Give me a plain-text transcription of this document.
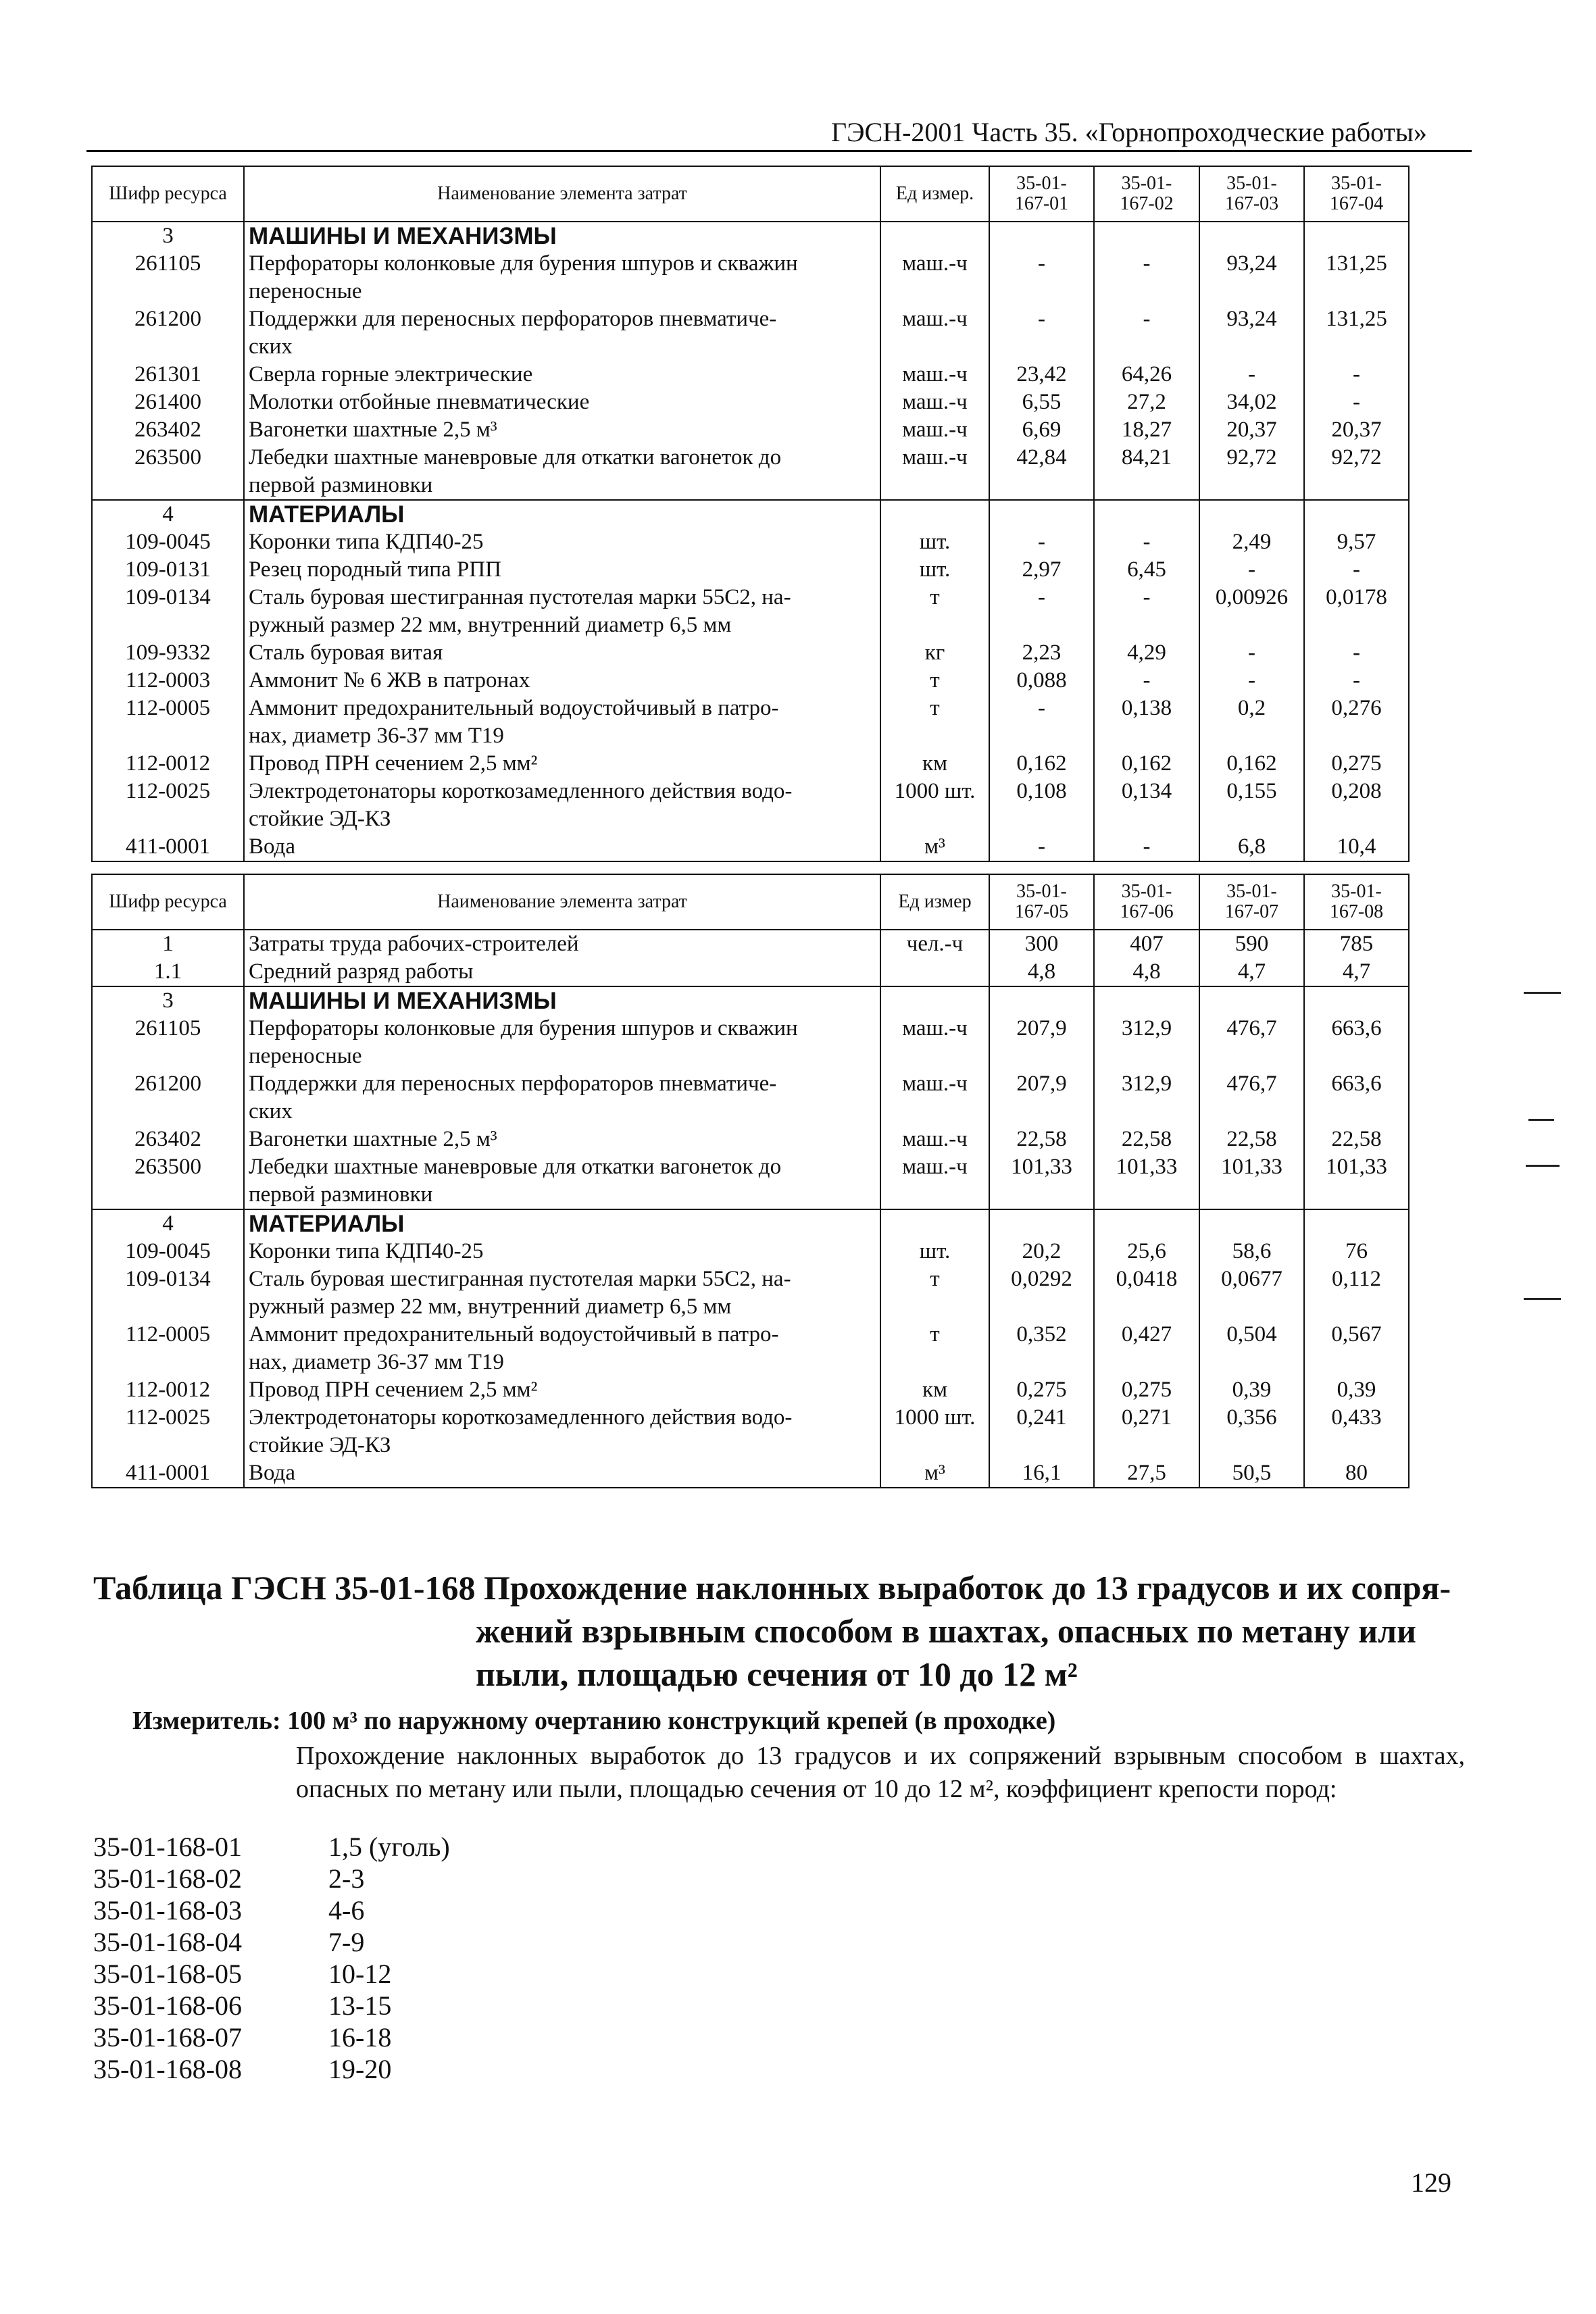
ГЭСН-2001 Часть 35. «Горнопроходческие работы»
Шифр ресурса	Наименование элемента затрат	Ед измер.	35-01-
167-01	35-01-
167-02	35-01-
167-03	35-01-
167-04
3	МАШИНЫ И МЕХАНИЗМЫ					
261105	Перфораторы колонковые для бурения шпуров и скважин
переносные	маш.-ч	-	-	93,24	131,25
261200	Поддержки для переносных перфораторов пневматиче-
ских	маш.-ч	-	-	93,24	131,25
261301	Сверла горные электрические	маш.-ч	23,42	64,26	-	-
261400	Молотки отбойные пневматические	маш.-ч	6,55	27,2	34,02	-
263402	Вагонетки шахтные 2,5 м³	маш.-ч	6,69	18,27	20,37	20,37
263500	Лебедки шахтные маневровые для откатки вагонеток до
первой разминовки	маш.-ч	42,84	84,21	92,72	92,72
4	МАТЕРИАЛЫ					
109-0045	Коронки типа КДП40-25	шт.	-	-	2,49	9,57
109-0131	Резец породный типа РПП	шт.	2,97	6,45	-	-
109-0134	Сталь буровая шестигранная пустотелая марки 55С2, на-
ружный размер 22 мм, внутренний диаметр 6,5 мм	т	-	-	0,00926	0,0178
109-9332	Сталь буровая витая	кг	2,23	4,29	-	-
112-0003	Аммонит № 6 ЖВ в патронах	т	0,088	-	-	-
112-0005	Аммонит предохранительный водоустойчивый в патро-
нах, диаметр 36-37 мм Т19	т	-	0,138	0,2	0,276
112-0012	Провод ПРН сечением 2,5 мм²	км	0,162	0,162	0,162	0,275
112-0025	Электродетонаторы короткозамедленного действия водо-
стойкие ЭД-КЗ	1000 шт.	0,108	0,134	0,155	0,208
411-0001	Вода	м³	-	-	6,8	10,4
Шифр ресурса	Наименование элемента затрат	Ед измер	35-01-
167-05	35-01-
167-06	35-01-
167-07	35-01-
167-08
1	Затраты труда рабочих-строителей	чел.-ч	300	407	590	785
1.1	Средний разряд работы		4,8	4,8	4,7	4,7
3	МАШИНЫ И МЕХАНИЗМЫ					
261105	Перфораторы колонковые для бурения шпуров и скважин
переносные	маш.-ч	207,9	312,9	476,7	663,6
261200	Поддержки для переносных перфораторов пневматиче-
ских	маш.-ч	207,9	312,9	476,7	663,6
263402	Вагонетки шахтные 2,5 м³	маш.-ч	22,58	22,58	22,58	22,58
263500	Лебедки шахтные маневровые для откатки вагонеток до
первой разминовки	маш.-ч	101,33	101,33	101,33	101,33
4	МАТЕРИАЛЫ					
109-0045	Коронки типа КДП40-25	шт.	20,2	25,6	58,6	76
109-0134	Сталь буровая шестигранная пустотелая марки 55С2, на-
ружный размер 22 мм, внутренний диаметр 6,5 мм	т	0,0292	0,0418	0,0677	0,112
112-0005	Аммонит предохранительный водоустойчивый в патро-
нах, диаметр 36-37 мм Т19	т	0,352	0,427	0,504	0,567
112-0012	Провод ПРН сечением 2,5 мм²	км	0,275	0,275	0,39	0,39
112-0025	Электродетонаторы короткозамедленного действия водо-
стойкие ЭД-КЗ	1000 шт.	0,241	0,271	0,356	0,433
411-0001	Вода	м³	16,1	27,5	50,5	80
Таблица ГЭСН 35-01-168 Прохождение наклонных выработок до 13 градусов и их сопря-
жений взрывным способом в шахтах, опасных по метану или
пыли, площадью сечения от 10 до 12 м²
Измеритель: 100 м³ по наружному очертанию конструкций крепей (в проходке)
Прохождение наклонных выработок до 13 градусов и их сопряжений взрывным способом в шахтах, опасных по метану или пыли, площадью сечения от 10 до 12 м², коэффициент крепости пород:
35-01-168-01	1,5 (уголь)
35-01-168-02	2-3
35-01-168-03	4-6
35-01-168-04	7-9
35-01-168-05	10-12
35-01-168-06	13-15
35-01-168-07	16-18
35-01-168-08	19-20
129
